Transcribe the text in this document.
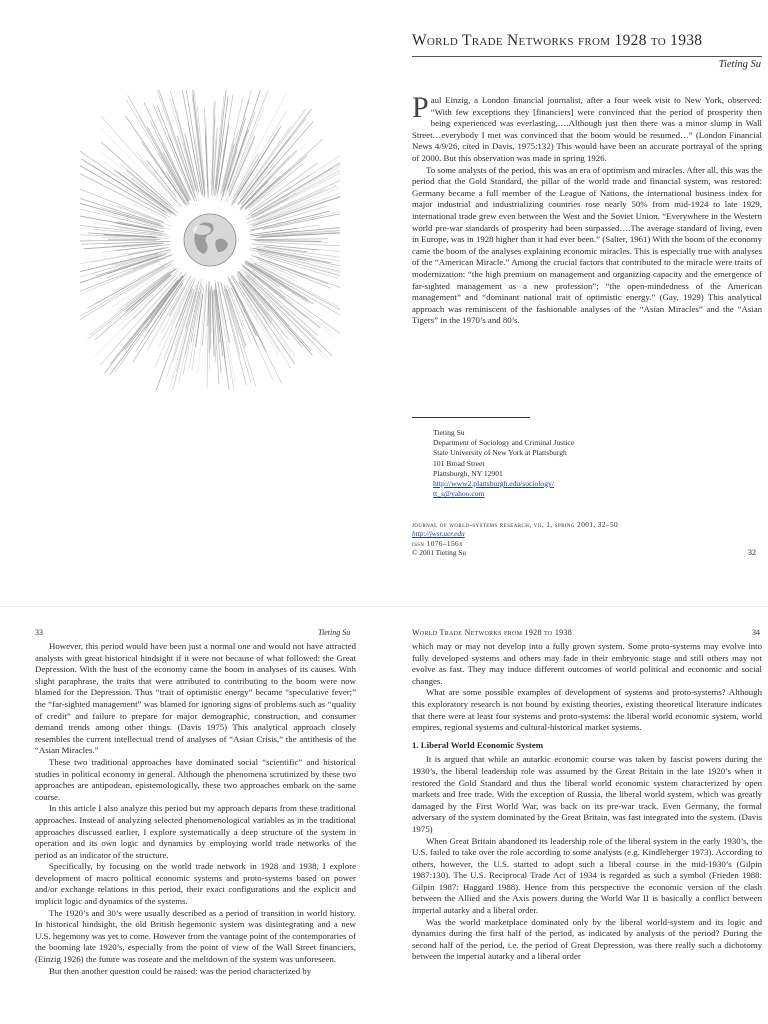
World Trade Networks from 1928 to 1938
Tieting Su

Paul Einzig, a London financial journalist, after a four week visit to New York, observed: “With few exceptions they [financiers] were convinced that the period of prosperity then being experienced was everlasting,….Although just then there was a minor slump in Wall Street…everybody I met was convinced that the boom would be resumed…” (London Financial News 4/9/26, cited in Davis, 1975:132) This would have been an accurate portrayal of the spring of 2000. But this observation was made in spring 1926.

To some analysts of the period, this was an era of optimism and miracles. After all, this was the period that the Gold Standard, the pillar of the world trade and financial system, was restored: Germany became a full member of the League of Nations, the international business index for major industrial and industrializing countries rose nearly 50% from mid-1924 to late 1929, international trade grew even between the West and the Soviet Union. “Everywhere in the Western world pre-war standards of prosperity had been surpassed….The average standard of living, even in Europe, was in 1928 higher than it had ever been.” (Salter, 1961) With the boom of the economy came the boom of the analyses explaining economic miracles. This is especially true with analyses of the “American Miracle.” Among the crucial factors that contributed to the miracle were traits of modernization: “the high premium on management and organizing capacity and the emergence of far-sighted management as a new profession”; “the open-mindedness of the American management” and “dominant national trait of optimistic energy.” (Gay, 1929) This analytical approach was reminiscent of the fashionable analyses of the “Asian Miracles” and the “Asian Tigers” in the 1970’s and 80’s.

Tieting Su
Department of Sociology and Criminal Justice
State University of New York at Plattsburgh
101 Broad Street
Plattsburgh, NY 12901
http://www2.plattsburgh.edu/sociology/
tt_s@yahoo.com
journal of world-systems research, vii, 1, spring 2001, 32–50
http://jwsr.ucr.edu
issn 1076–156x
© 2001 Tieting Su	32
33	Tieting Su

However, this period would have been just a normal one and would not have attracted analysts with great historical hindsight if it were not because of what followed: the Great Depression. With the bust of the economy came the boom in analyses of its causes. With slight paraphrase, the traits that were attributed to contributing to the boom were now blamed for the Depression. Thus “trait of optimistic energy” became “speculative fever;” the “far-sighted management” was blamed for ignoring signs of problems such as “quality of credit” and failure to prepare for major demographic, construction, and consumer demand trends among other things. (Davis 1975) This analytical approach closely resembles the current intellectual trend of analyses of “Asian Crisis,” the antithesis of the “Asian Miracles.”

These two traditional approaches have dominated social “scientific” and historical studies in political economy in general. Although the phenomena scrutinized by these two approaches are antipodean, epistemologically, these two approaches embark on the same course.

In this article I also analyze this period but my approach departs from these traditional approaches. Instead of analyzing selected phenomenological variables as in the traditional approaches discussed earlier, I explore systematically a deep structure of the system in operation and its own logic and dynamics by employing world trade networks of the period as an indicator of the structure.

Specifically, by focusing on the world trade network in 1928 and 1938, I explore development of macro political economic systems and proto-systems based on power and/or exchange relations in this period, their exact configurations and the explicit and implicit logic and dynamics of the systems.

The 1920’s and 30’s were usually described as a period of transition in world history. In historical hindsight, the old British hegemonic system was disintegrating and a new U.S. hegemony was yet to come. However from the vantage point of the contemporaries of the booming late 1920’s, especially from the point of view of the Wall Street financiers, (Einzig 1926) the future was roseate and the meltdown of the system was unforeseen.

But then another question could be raised: was the period characterized by

World Trade Networks from 1928 to 1938	34

which may or may not develop into a fully grown system. Some proto-systems may evolve into fully developed systems and others may fade in their embryonic stage and still others may not evolve as fast. They may induce different outcomes of world political and economic and social changes.

What are some possible examples of development of systems and proto-systems? Although this exploratory research is not bound by existing theories, existing theoretical literature indicates that there were at least four systems and proto-systems: the liberal world economic system, world empires, regional systems and cultural-historical market systems.

1. Liberal World Economic System

It is argued that while an autarkic economic course was taken by fascist powers during the 1930’s, the liberal leadership role was assumed by the Great Britain in the late 1920’s when it restored the Gold Standard and thus the liberal world economic system characterized by open markets and free trade. With the exception of Russia, the liberal world system, which was greatly damaged by the First World War, was back on its pre-war track. Even Germany, the formal adversary of the system dominated by the Great Britain, was fast integrated into the system. (Davis 1975)

When Great Britain abandoned its leadership role of the liberal system in the early 1930’s, the U.S. failed to take over the role according to some analysts (e.g. Kindleberger 1973). According to others, however, the U.S. started to adopt such a liberal course in the mid-1930’s (Gilpin 1987:130). The U.S. Reciprocal Trade Act of 1934 is regarded as such a symbol (Frieden 1988: Gilpin 1987: Haggard 1988). Hence from this perspective the economic version of the clash between the Allied and the Axis powers during the World War II is basically a conflict between imperial autarky and a liberal order.

Was the world marketplace dominated only by the liberal world-system and its logic and dynamics during the first half of the period, as indicated by analysts of the period? During the second half of the period, i.e. the period of Great Depression, was there really such a dichotomy between the imperial autarky and a liberal order
